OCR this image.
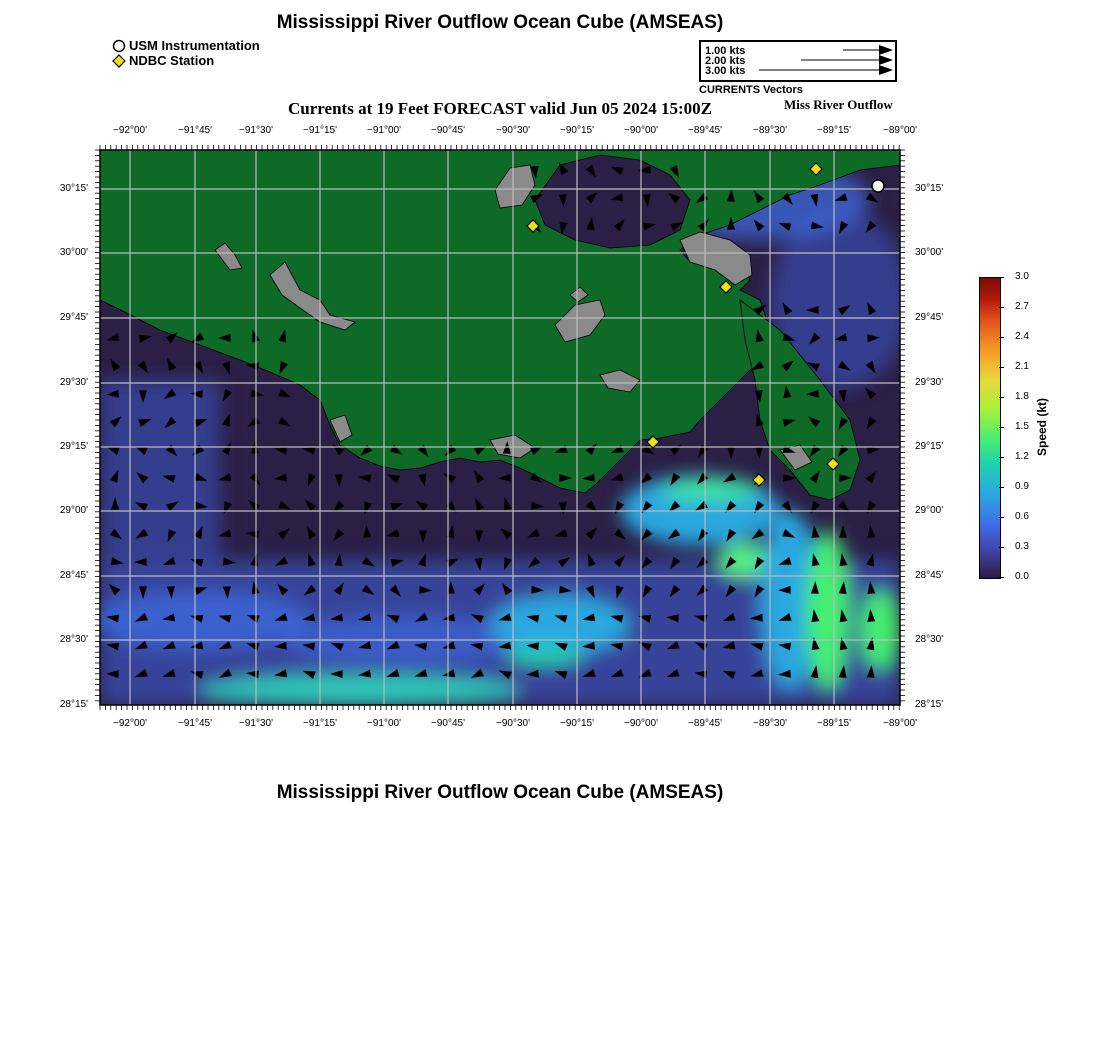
Mississippi River Outflow Ocean Cube (AMSEAS)
USM Instrumentation
NDBC Station
1.00 kts
2.00 kts
3.00 kts
CURRENTS Vectors
Currents at 19 Feet FORECAST valid Jun 05 2024 15:00Z	Miss River Outflow
−92°00'	−91°45'	−91°30'	−91°15'	−91°00'	−90°45'	−90°30'	−90°15'	−90°00'	−89°45'	−89°30'	−89°15'	−89°00'
−92°00'	−91°45'	−91°30'	−91°15'	−91°00'	−90°45'	−90°30'	−90°15'	−90°00'	−89°45'	−89°30'	−89°15'	−89°00'
30°15'
30°00'
29°45'
29°30'
29°15'
29°00'
28°45'
28°30'
28°15'
30°15'
30°00'
29°45'
29°30'
29°15'
29°00'
28°45'
28°30'
28°15'
3.0
2.7
2.4
2.1
1.8
1.5
1.2
0.9
0.6
0.3
0.0
Speed (kt)
Mississippi River Outflow Ocean Cube (AMSEAS)
